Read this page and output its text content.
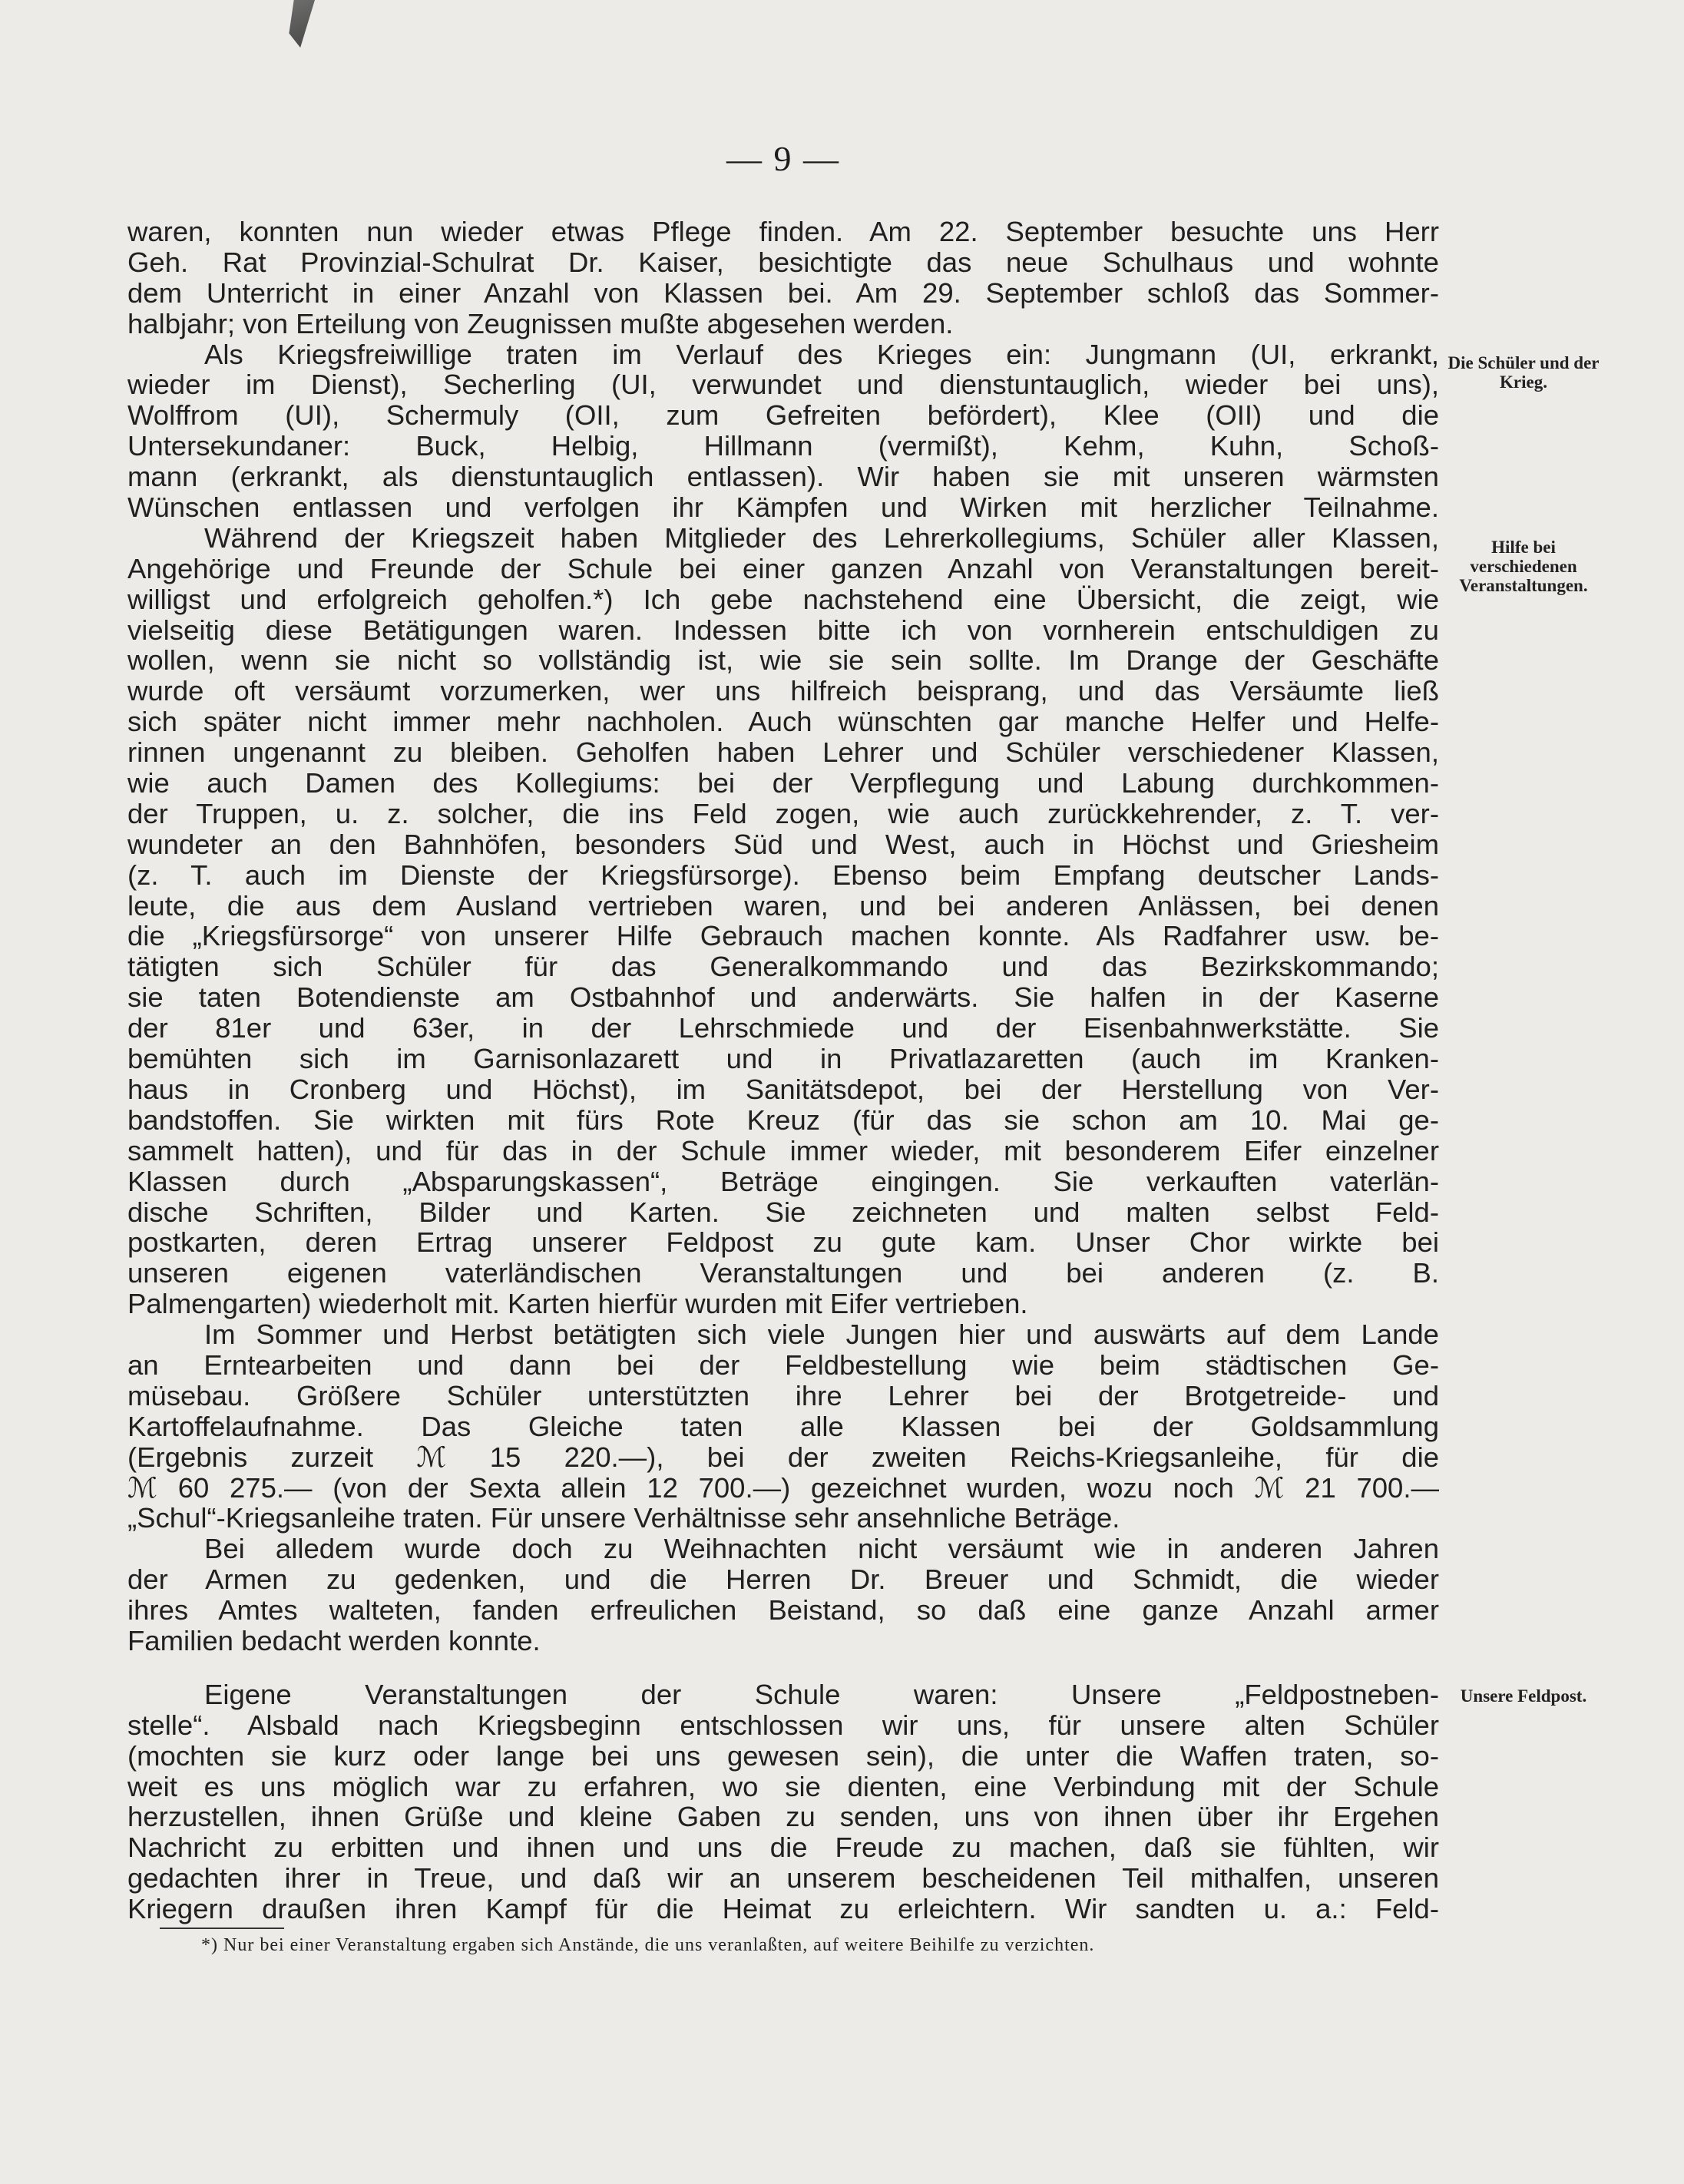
— 9 —
waren, konnten nun wieder etwas Pflege finden. Am 22. September besuchte uns Herr
Geh. Rat Provinzial-Schulrat Dr. Kaiser, besichtigte das neue Schulhaus und wohnte
dem Unterricht in einer Anzahl von Klassen bei. Am 29. September schloß das Sommer-
halbjahr; von Erteilung von Zeugnissen mußte abgesehen werden.
Als Kriegsfreiwillige traten im Verlauf des Krieges ein: Jungmann (UI, erkrankt,
wieder im Dienst), Secherling (UI, verwundet und dienstuntauglich, wieder bei uns),
Wolffrom (UI), Schermuly (OII, zum Gefreiten befördert), Klee (OII) und die
Untersekundaner: Buck, Helbig, Hillmann (vermißt), Kehm, Kuhn, Schoß-
mann (erkrankt, als dienstuntauglich entlassen). Wir haben sie mit unseren wärmsten
Wünschen entlassen und verfolgen ihr Kämpfen und Wirken mit herzlicher Teilnahme.
Während der Kriegszeit haben Mitglieder des Lehrerkollegiums, Schüler aller Klassen,
Angehörige und Freunde der Schule bei einer ganzen Anzahl von Veranstaltungen bereit-
willigst und erfolgreich geholfen.*) Ich gebe nachstehend eine Übersicht, die zeigt, wie
vielseitig diese Betätigungen waren. Indessen bitte ich von vornherein entschuldigen zu
wollen, wenn sie nicht so vollständig ist, wie sie sein sollte. Im Drange der Geschäfte
wurde oft versäumt vorzumerken, wer uns hilfreich beisprang, und das Versäumte ließ
sich später nicht immer mehr nachholen. Auch wünschten gar manche Helfer und Helfe-
rinnen ungenannt zu bleiben. Geholfen haben Lehrer und Schüler verschiedener Klassen,
wie auch Damen des Kollegiums: bei der Verpflegung und Labung durchkommen-
der Truppen, u. z. solcher, die ins Feld zogen, wie auch zurückkehrender, z. T. ver-
wundeter an den Bahnhöfen, besonders Süd und West, auch in Höchst und Griesheim
(z. T. auch im Dienste der Kriegsfürsorge). Ebenso beim Empfang deutscher Lands-
leute, die aus dem Ausland vertrieben waren, und bei anderen Anlässen, bei denen
die „Kriegsfürsorge“ von unserer Hilfe Gebrauch machen konnte. Als Radfahrer usw. be-
tätigten sich Schüler für das Generalkommando und das Bezirkskommando;
sie taten Botendienste am Ostbahnhof und anderwärts. Sie halfen in der Kaserne
der 81er und 63er, in der Lehrschmiede und der Eisenbahnwerkstätte. Sie
bemühten sich im Garnisonlazarett und in Privatlazaretten (auch im Kranken-
haus in Cronberg und Höchst), im Sanitätsdepot, bei der Herstellung von Ver-
bandstoffen. Sie wirkten mit fürs Rote Kreuz (für das sie schon am 10. Mai ge-
sammelt hatten), und für das in der Schule immer wieder, mit besonderem Eifer einzelner
Klassen durch „Absparungskassen“, Beträge eingingen. Sie verkauften vaterlän-
dische Schriften, Bilder und Karten. Sie zeichneten und malten selbst Feld-
postkarten, deren Ertrag unserer Feldpost zu gute kam. Unser Chor wirkte bei
unseren eigenen vaterländischen Veranstaltungen und bei anderen (z. B.
Palmengarten) wiederholt mit. Karten hierfür wurden mit Eifer vertrieben.
Im Sommer und Herbst betätigten sich viele Jungen hier und auswärts auf dem Lande
an Erntearbeiten und dann bei der Feldbestellung wie beim städtischen Ge-
müsebau. Größere Schüler unterstützten ihre Lehrer bei der Brotgetreide- und
Kartoffelaufnahme. Das Gleiche taten alle Klassen bei der Goldsammlung
(Ergebnis zurzeit ℳ 15 220.—), bei der zweiten Reichs-Kriegsanleihe, für die
ℳ 60 275.— (von der Sexta allein 12 700.—) gezeichnet wurden, wozu noch ℳ 21 700.—
„Schul“-Kriegsanleihe traten. Für unsere Verhältnisse sehr ansehnliche Beträge.
Bei alledem wurde doch zu Weihnachten nicht versäumt wie in anderen Jahren
der Armen zu gedenken, und die Herren Dr. Breuer und Schmidt, die wieder
ihres Amtes walteten, fanden erfreulichen Beistand, so daß eine ganze Anzahl armer
Familien bedacht werden konnte.
Eigene Veranstaltungen der Schule waren: Unsere „Feldpostneben-
stelle“. Alsbald nach Kriegsbeginn entschlossen wir uns, für unsere alten Schüler
(mochten sie kurz oder lange bei uns gewesen sein), die unter die Waffen traten, so-
weit es uns möglich war zu erfahren, wo sie dienten, eine Verbindung mit der Schule
herzustellen, ihnen Grüße und kleine Gaben zu senden, uns von ihnen über ihr Ergehen
Nachricht zu erbitten und ihnen und uns die Freude zu machen, daß sie fühlten, wir
gedachten ihrer in Treue, und daß wir an unserem bescheidenen Teil mithalfen, unseren
Kriegern draußen ihren Kampf für die Heimat zu erleichtern. Wir sandten u. a.: Feld-
Die Schüler und der Krieg.
Hilfe bei verschiedenen Veranstaltungen.
Unsere Feldpost.
*) Nur bei einer Veranstaltung ergaben sich Anstände, die uns veranlaßten, auf weitere Beihilfe zu verzichten.
